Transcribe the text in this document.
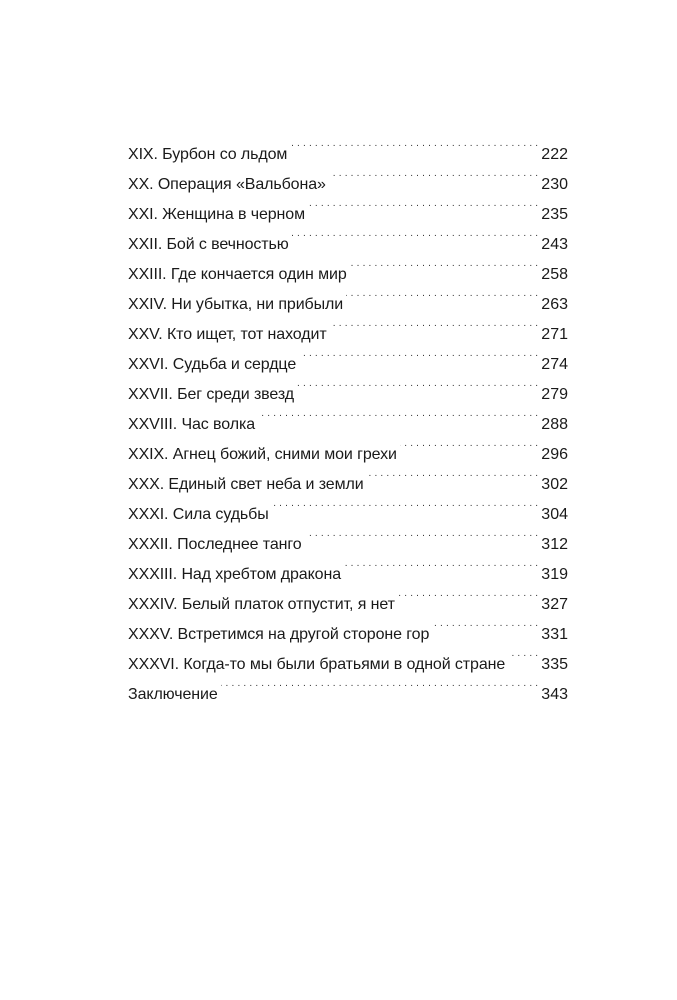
XIX. Бурбон со льдом . . .	222
XX. Операция «Вальбона» . . .	230
XXI. Женщина в черном . . .	235
XXII. Бой с вечностью . . .	243
XXIII. Где кончается один мир . . .	258
XXIV. Ни убытка, ни прибыли . . .	263
XXV. Кто ищет, тот находит . . .	271
XXVI. Судьба и сердце . . .	274
XXVII. Бег среди звезд . . .	279
XXVIII. Час волка . . .	288
XXIX. Агнец божий, сними мои грехи . . .	296
XXX. Единый свет неба и земли . . .	302
XXXI. Сила судьбы . . .	304
XXXII. Последнее танго . . .	312
XXXIII. Над хребтом дракона . . .	319
XXXIV. Белый платок отпустит, я нет . . .	327
XXXV. Встретимся на другой стороне гор . . .	331
XXXVI. Когда-то мы были братьями в одной стране . . . 335
Заключение . . .	343
